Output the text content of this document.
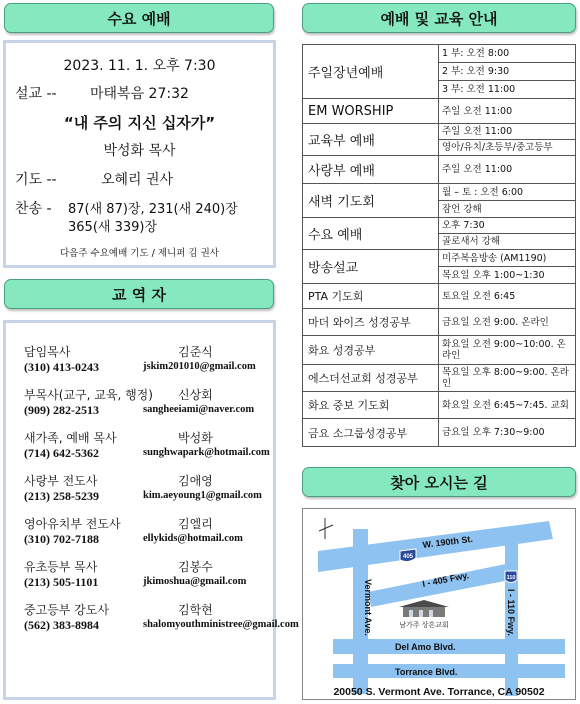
수요 예배
2023. 11. 1. 오후 7:30
설교 -- 마태복음 27:32
“내 주의 지신 십자가”
박성화 목사
기도 --	오혜리 권사
찬송 - 87(새 87)장, 231(새 240)장
365(새 339)장
다음주 수요예배 기도 / 제니퍼 김 권사
교 역 자
담임목사	김준식
(310) 413-0243	jskim201010@gmail.com
부목사(교구, 교육, 행정) 신상회
(909) 282-2513	sangheeiami@naver.com
새가족, 예배 목사	박성화
(714) 642-5362	sunghwapark@hotmail.com
사랑부 전도사	김애영
(213) 258-5239	kim.aeyoung1@gmail.com
영아유치부 전도사	김엘리
(310) 702-7188	ellykids@hotmail.com
유초등부 목사	김봉수
(213) 505-1101	jkimoshua@gmail.com
중고등부 강도사	김학현
(562) 383-8984	shalomyouthministree@gmail.com
예배 및 교육 안내
주일장년예배	1 부: 오전 8:00
	2 부: 오전 9:30
	3 부: 오전 11:00
EM WORSHIP	주일 오전 11:00
교육부 예배	주일 오전 11:00
	영아/유치/초등부/중고등부
사랑부 예배	주일 오전 11:00
새벽 기도회	월 – 토 : 오전 6:00
	잠언 강해
수요 예배	오후 7:30
	골로새서 강해
방송설교	미주복음방송 (AM1190)
	목요일 오후 1:00~1:30
PTA 기도회	토요일 오전 6:45
마더 와이즈 성경공부	금요일 오전 9:00. 온라인
화요 성경공부	화요일 오전 9:00~10:00. 온라인
에스더선교회 성경공부	목요일 오후 8:00~9:00. 온라인
화요 중보 기도회	화요일 오전 6:45~7:45. 교회
금요 소그룹성경공부	금요일 오후 7:30~9:00
찾아 오시는 길
405
110
W. 190th St.
I - 405 Fwy.
Vermont Ave.	I - 110 Fwy.
Del Amo Blvd.
Torrance Blvd.
남가주 상흔교회
20050 S. Vermont Ave. Torrance, CA 90502
